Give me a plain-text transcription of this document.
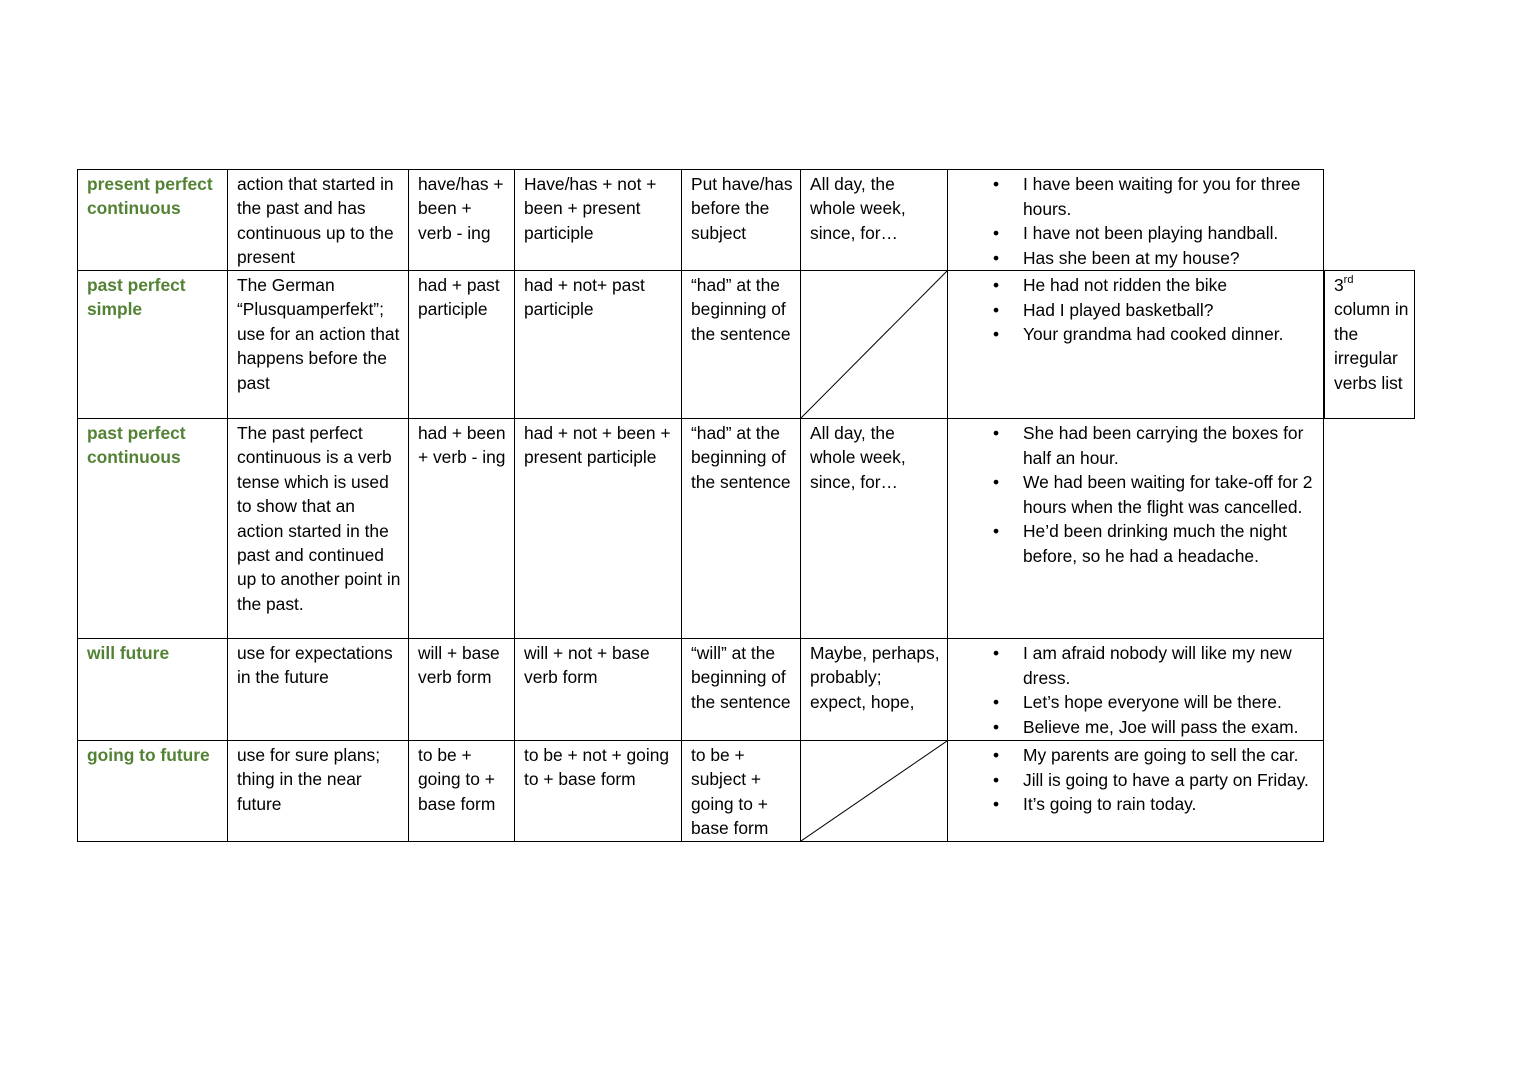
present perfect continuous
action that started in the past and has continuous up to the present
have/has + been + verb - ing
Have/has + not + been + present participle
Put have/has before the subject
All day, the whole week, since, for…
• I have been waiting for you for three hours.
• I have not been playing handball.
• Has she been at my house?
past perfect simple
The German “Plusquamperfekt”; use for an action that happens before the past
had + past participle
had + not+ past participle
“had” at the beginning of the sentence
• He had not ridden the bike
• Had I played basketball?
• Your grandma had cooked dinner.
past perfect continuous
The past perfect continuous is a verb tense which is used to show that an action started in the past and continued up to another point in the past.
had + been + verb - ing
had + not + been + present participle
“had” at the beginning of the sentence
All day, the whole week, since, for…
• She had been carrying the boxes for half an hour.
• We had been waiting for take-off for 2 hours when the flight was cancelled.
• He’d been drinking much the night before, so he had a headache.
will future	use for expectations in the future
will + base verb form
will + not + base verb form
“will” at the beginning of the sentence
Maybe, perhaps, probably; expect, hope,
• I am afraid nobody will like my new dress.
• Let’s hope everyone will be there.
• Believe me, Joe will pass the exam.
going to future	use for sure plans; thing in the near future
to be + going to + base form
to be + not + going to + base form
to be + subject + going to + base form
• My parents are going to sell the car.
• Jill is going to have a party on Friday.
• It’s going to rain today.
3rd column in the irregular verbs list
